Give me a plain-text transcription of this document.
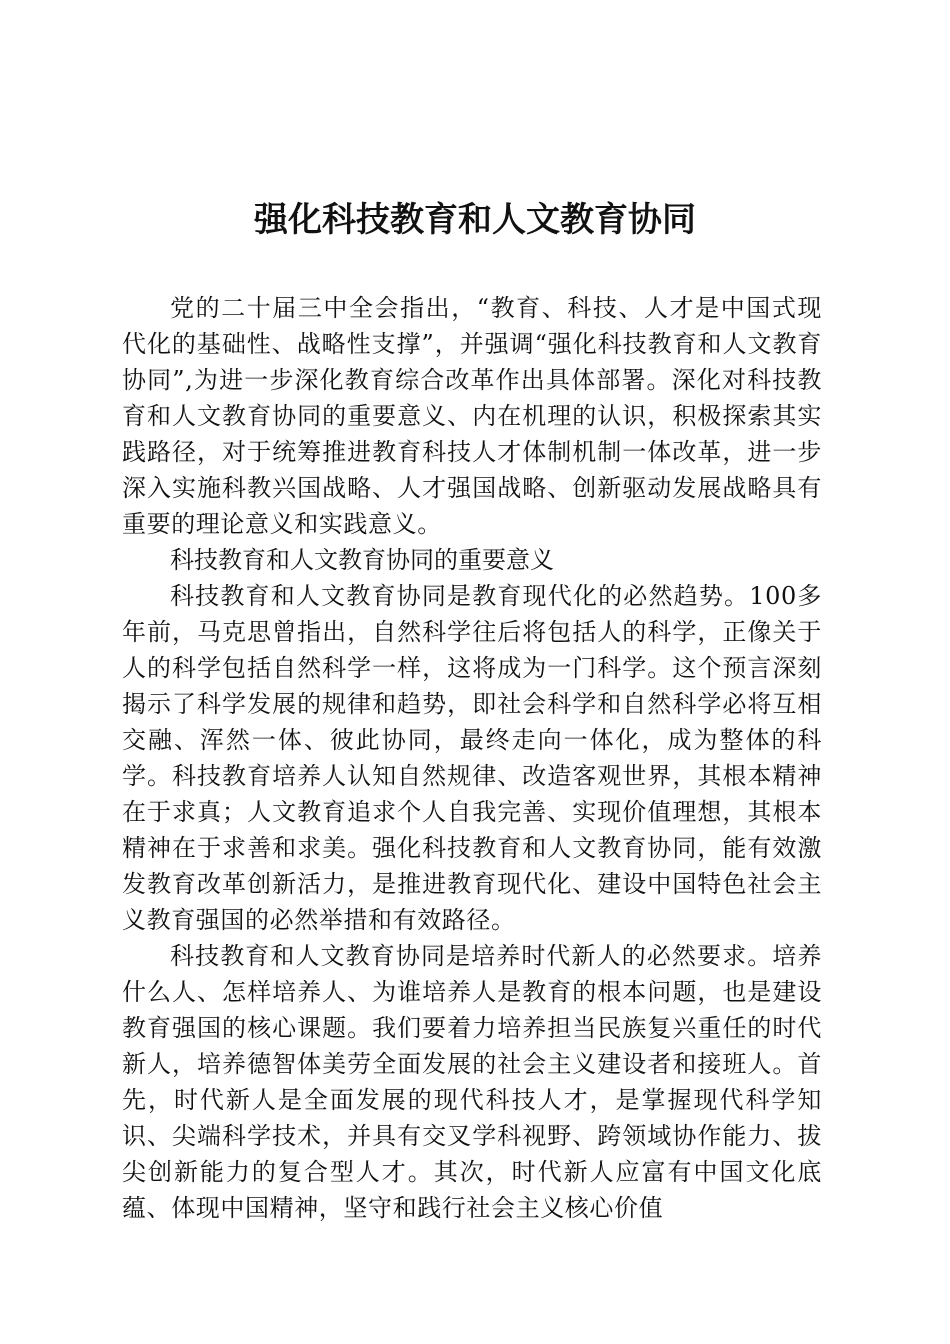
强化科技教育和人文教育协同

党的二十届三中全会指出，“教育、科技、人才是中国式现代化的基础性、战略性支撑”，并强调“强化科技教育和人文教育协同”,为进一步深化教育综合改革作出具体部署。深化对科技教育和人文教育协同的重要意义、内在机理的认识，积极探索其实践路径，对于统筹推进教育科技人才体制机制一体改革，进一步深入实施科教兴国战略、人才强国战略、创新驱动发展战略具有重要的理论意义和实践意义。

科技教育和人文教育协同的重要意义

科技教育和人文教育协同是教育现代化的必然趋势。100多年前，马克思曾指出，自然科学往后将包括人的科学，正像关于人的科学包括自然科学一样，这将成为一门科学。这个预言深刻揭示了科学发展的规律和趋势，即社会科学和自然科学必将互相交融、浑然一体、彼此协同，最终走向一体化，成为整体的科学。科技教育培养人认知自然规律、改造客观世界，其根本精神在于求真；人文教育追求个人自我完善、实现价值理想，其根本精神在于求善和求美。强化科技教育和人文教育协同，能有效激发教育改革创新活力，是推进教育现代化、建设中国特色社会主义教育强国的必然举措和有效路径。

科技教育和人文教育协同是培养时代新人的必然要求。培养什么人、怎样培养人、为谁培养人是教育的根本问题，也是建设教育强国的核心课题。我们要着力培养担当民族复兴重任的时代新人，培养德智体美劳全面发展的社会主义建设者和接班人。首先，时代新人是全面发展的现代科技人才，是掌握现代科学知识、尖端科学技术，并具有交叉学科视野、跨领域协作能力、拔尖创新能力的复合型人才。其次，时代新人应富有中国文化底蕴、体现中国精神，坚守和践行社会主义核心价值
